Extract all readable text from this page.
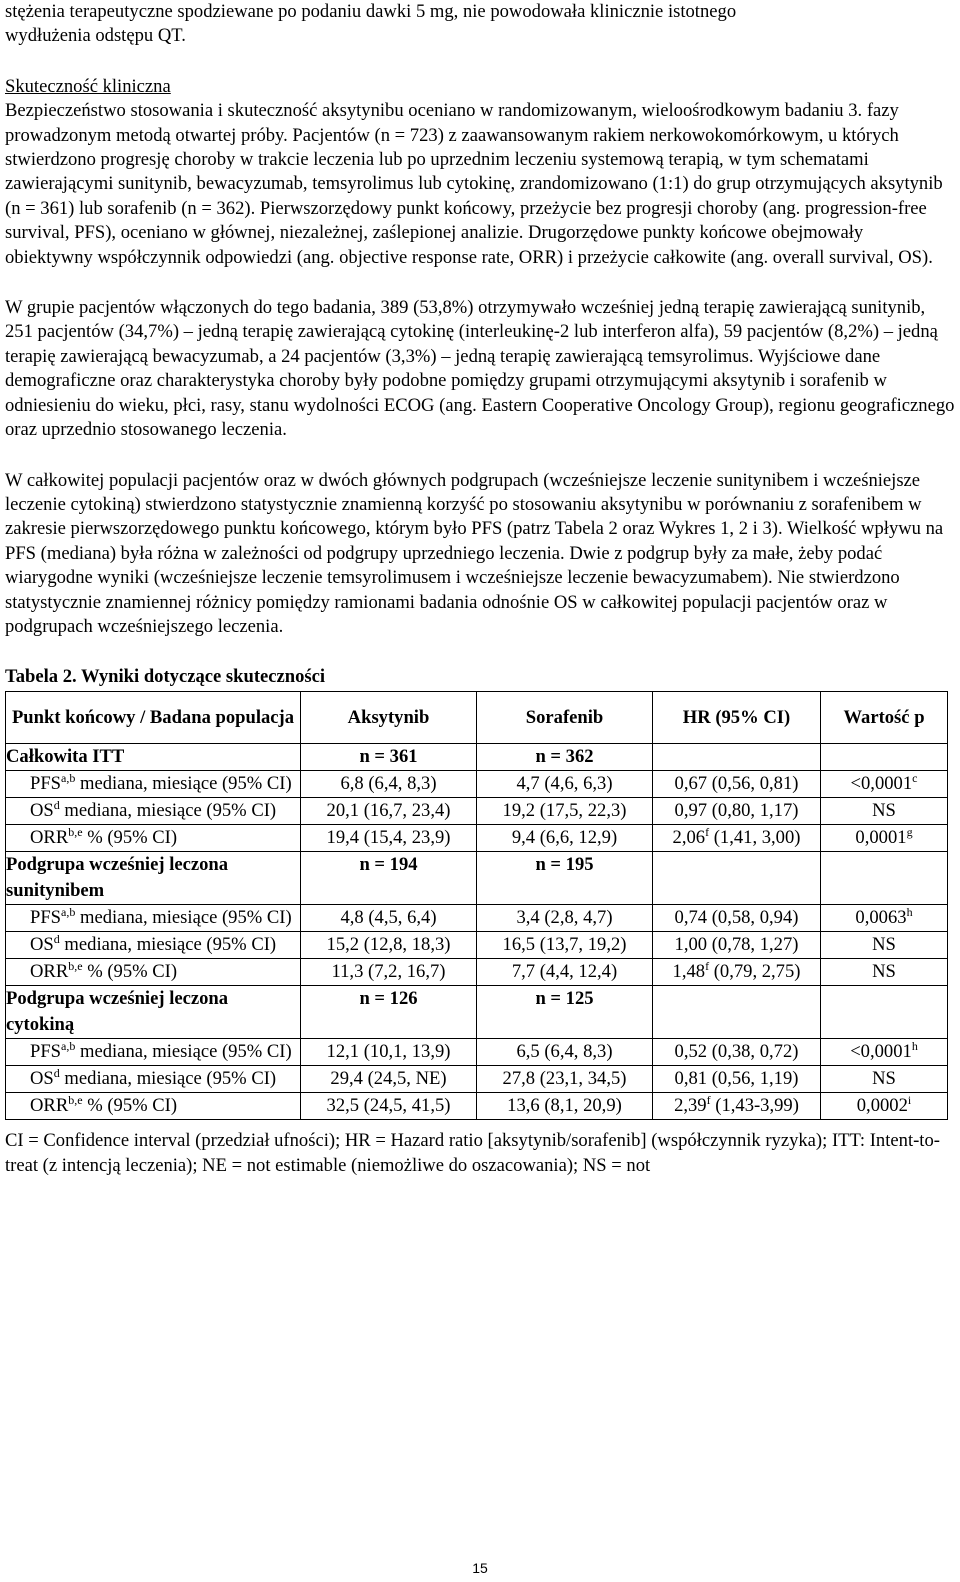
stężenia terapeutyczne spodziewane po podaniu dawki 5 mg, nie powodowała klinicznie istotnego
wydłużenia odstępu QT.

Skuteczność kliniczna

Bezpieczeństwo stosowania i skuteczność aksytynibu oceniano w randomizowanym, wieloośrodkowym badaniu 3. fazy prowadzonym metodą otwartej próby. Pacjentów (n = 723) z zaawansowanym rakiem nerkowokomórkowym, u których stwierdzono progresję choroby w trakcie leczenia lub po uprzednim leczeniu systemową terapią, w tym schematami zawierającymi sunitynib, bewacyzumab, temsyrolimus lub cytokinę, zrandomizowano (1:1) do grup otrzymujących aksytynib (n = 361) lub sorafenib (n = 362). Pierwszorzędowy punkt końcowy, przeżycie bez progresji choroby (ang. progression-free survival, PFS), oceniano w głównej, niezależnej, zaślepionej analizie. Drugorzędowe punkty końcowe obejmowały obiektywny współczynnik odpowiedzi (ang. objective response rate, ORR) i przeżycie całkowite (ang. overall survival, OS).

W grupie pacjentów włączonych do tego badania, 389 (53,8%) otrzymywało wcześniej jedną terapię zawierającą sunitynib, 251 pacjentów (34,7%) – jedną terapię zawierającą cytokinę (interleukinę-2 lub interferon alfa), 59 pacjentów (8,2%) – jedną terapię zawierającą bewacyzumab, a 24 pacjentów (3,3%) – jedną terapię zawierającą temsyrolimus. Wyjściowe dane demograficzne oraz charakterystyka choroby były podobne pomiędzy grupami otrzymującymi aksytynib i sorafenib w odniesieniu do wieku, płci, rasy, stanu wydolności ECOG (ang. Eastern Cooperative Oncology Group), regionu geograficznego oraz uprzednio stosowanego leczenia.

W całkowitej populacji pacjentów oraz w dwóch głównych podgrupach (wcześniejsze leczenie sunitynibem i wcześniejsze leczenie cytokiną) stwierdzono statystycznie znamienną korzyść po stosowaniu aksytynibu w porównaniu z sorafenibem w zakresie pierwszorzędowego punktu końcowego, którym było PFS (patrz Tabela 2 oraz Wykres 1, 2 i 3). Wielkość wpływu na PFS (mediana) była różna w zależności od podgrupy uprzedniego leczenia. Dwie z podgrup były za małe, żeby podać wiarygodne wyniki (wcześniejsze leczenie temsyrolimusem i wcześniejsze leczenie bewacyzumabem). Nie stwierdzono statystycznie znamiennej różnicy pomiędzy ramionami badania odnośnie OS w całkowitej populacji pacjentów oraz w podgrupach wcześniejszego leczenia.

Tabela 2. Wyniki dotyczące skuteczności

Punkt końcowy / Badana populacja	Aksytynib	Sorafenib	HR (95% CI)	Wartość p
Całkowita ITT	n = 361	n = 362		
PFS$^{a,b}$ mediana, miesiące (95% CI)	6,8 (6,4, 8,3)	4,7 (4,6, 6,3)	0,67 (0,56, 0,81)	<0,0001$^c$
$OS^d$ mediana, miesiące (95% CI)	20,1 (16,7, 23,4)	19,2 (17,5, 22,3)	0,97 (0,80, 1,17)	NS
ORR$^{b,e}$ % (95% CI)	19,4 (15,4, 23,9)	9,4 (6,6, 12,9)	2,06$^f$ (1,41, 3,00)	0,0001$^g$
Podgrupa wcześniej leczona sunitynibem	n = 194	n = 195		
PFS$^{a,b}$ mediana, miesiące (95% CI)	4,8 (4,5, 6,4)	3,4 (2,8, 4,7)	0,74 (0,58, 0,94)	0,0063$^h$
$OS^d$ mediana, miesiące (95% CI)	15,2 (12,8, 18,3)	16,5 (13,7, 19,2)	1,00 (0,78, 1,27)	NS
ORR$^{b,e}$ % (95% CI)	11,3 (7,2, 16,7)	7,7 (4,4, 12,4)	1,48$^f$ (0,79, 2,75)	NS
Podgrupa wcześniej leczona cytokiną	n = 126	n = 125		
PFS$^{a,b}$ mediana, miesiące (95% CI)	12,1 (10,1, 13,9)	6,5 (6,4, 8,3)	0,52 (0,38, 0,72)	<0,0001$^h$
$OS^d$ mediana, miesiące (95% CI)	29,4 (24,5, NE)	27,8 (23,1, 34,5)	0,81 (0,56, 1,19)	NS
ORR$^{b,e}$ % (95% CI)	32,5 (24,5, 41,5)	13,6 (8,1, 20,9)	2,39$^f$ (1,43-3,99)	0,0002$^i$

CI = Confidence interval (przedział ufności); HR = Hazard ratio [aksytynib/sorafenib] (współczynnik ryzyka); ITT: Intent-to-treat (z intencją leczenia); NE = not estimable (niemożliwe do oszacowania); NS = not

15
